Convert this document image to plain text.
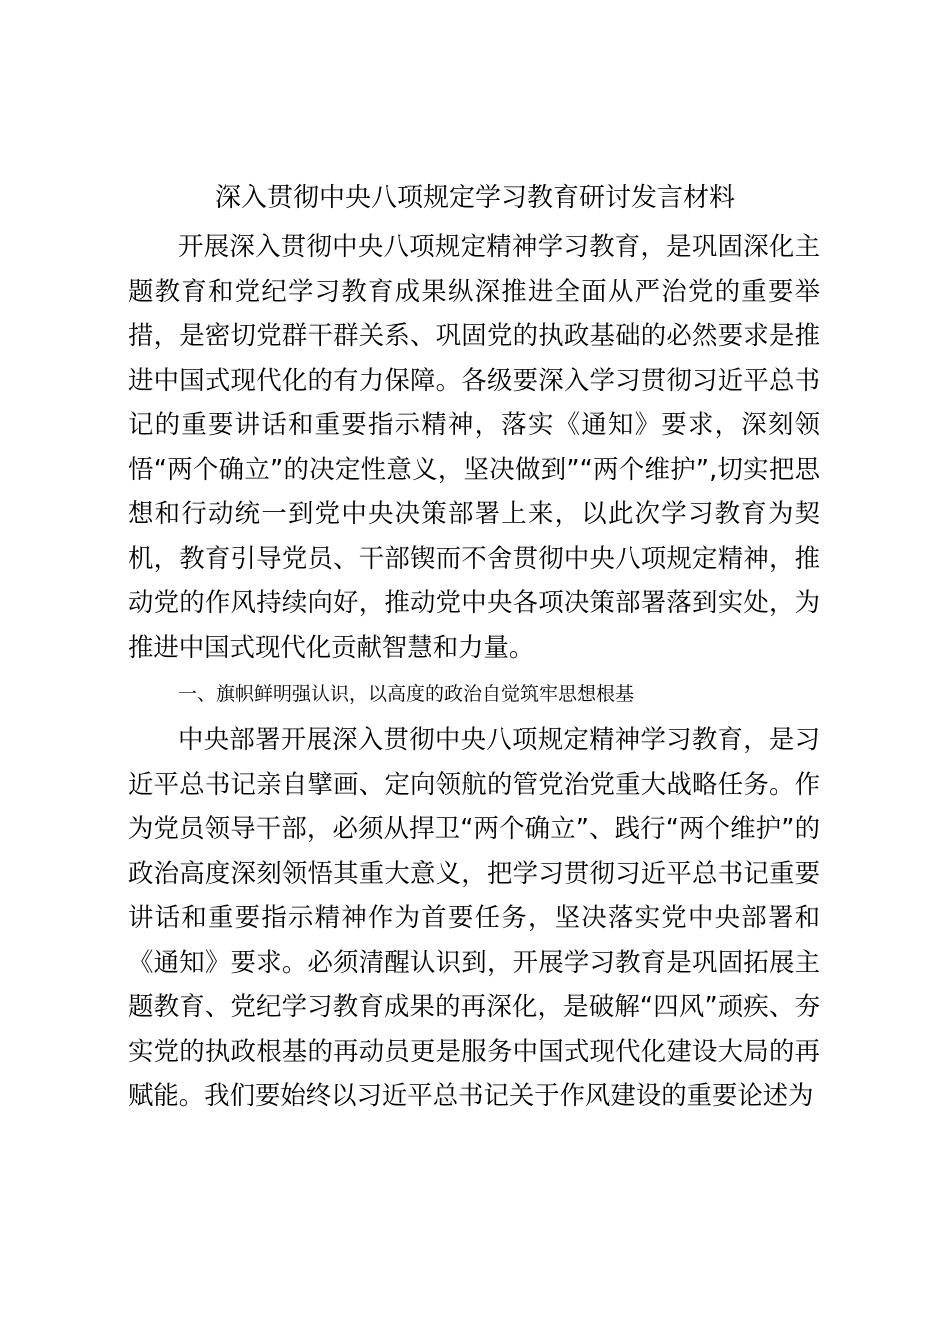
深入贯彻中央八项规定学习教育研讨发言材料

开展深入贯彻中央八项规定精神学习教育，是巩固深化主题教育和党纪学习教育成果纵深推进全面从严治党的重要举措，是密切党群干群关系、巩固党的执政基础的必然要求是推进中国式现代化的有力保障。各级要深入学习贯彻习近平总书记的重要讲话和重要指示精神，落实《通知》要求，深刻领悟“两个确立”的决定性意义，坚决做到”“两个维护”,切实把思想和行动统一到党中央决策部署上来，以此次学习教育为契机，教育引导党员、干部锲而不舍贯彻中央八项规定精神，推动党的作风持续向好，推动党中央各项决策部署落到实处，为推进中国式现代化贡献智慧和力量。

一、旗帜鲜明强认识，以高度的政治自觉筑牢思想根基

中央部署开展深入贯彻中央八项规定精神学习教育，是习近平总书记亲自擘画、定向领航的管党治党重大战略任务。作为党员领导干部，必须从捍卫“两个确立”、践行“两个维护”的政治高度深刻领悟其重大意义，把学习贯彻习近平总书记重要讲话和重要指示精神作为首要任务，坚决落实党中央部署和《通知》要求。必须清醒认识到，开展学习教育是巩固拓展主题教育、党纪学习教育成果的再深化，是破解“四风”顽疾、夯实党的执政根基的再动员更是服务中国式现代化建设大局的再赋能。我们要始终以习近平总书记关于作风建设的重要论述为
